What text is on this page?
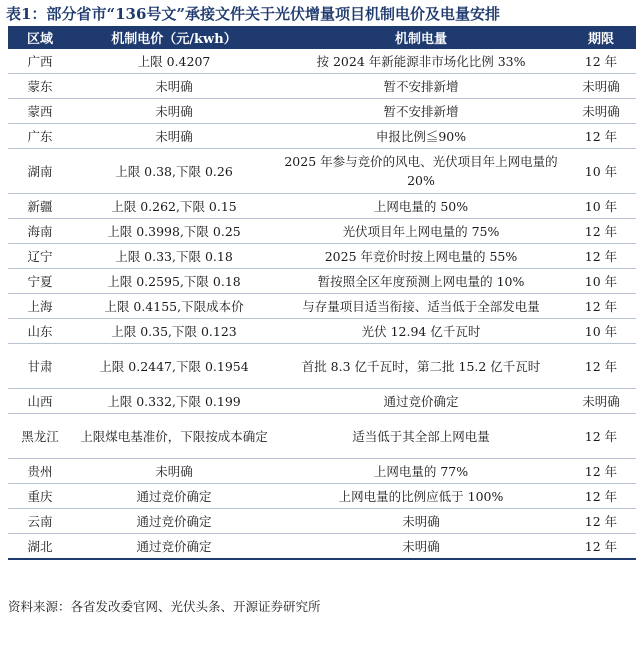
表1：部分省市“136号文”承接文件关于光伏增量项目机制电价及电量安排
区域	机制电价（元/kwh）	机制电量	期限
广西	上限 0.4207	按 2024 年新能源非市场化比例 33%	12 年
蒙东	未明确	暂不安排新增	未明确
蒙西	未明确	暂不安排新增	未明确
广东	未明确	申报比例≦90%	12 年
湖南	上限 0.38,下限 0.26	2025 年参与竞价的风电、光伏项目年上网电量的 20%	10 年
新疆	上限 0.262,下限 0.15	上网电量的 50%	10 年
海南	上限 0.3998,下限 0.25	光伏项目年上网电量的 75%	12 年
辽宁	上限 0.33,下限 0.18	2025 年竞价时按上网电量的 55%	12 年
宁夏	上限 0.2595,下限 0.18	暂按照全区年度预测上网电量的 10%	10 年
上海	上限 0.4155,下限成本价	与存量项目适当衔接、适当低于全部发电量	12 年
山东	上限 0.35,下限 0.123	光伏 12.94 亿千瓦时	10 年
甘肃	上限 0.2447,下限 0.1954	首批 8.3 亿千瓦时，第二批 15.2 亿千瓦时	12 年
山西	上限 0.332,下限 0.199	通过竞价确定	未明确
黑龙江	上限煤电基准价，下限按成本确定	适当低于其全部上网电量	12 年
贵州	未明确	上网电量的 77%	12 年
重庆	通过竞价确定	上网电量的比例应低于 100%	12 年
云南	通过竞价确定	未明确	12 年
湖北	通过竞价确定	未明确	12 年
资料来源：各省发改委官网、光伏头条、开源证券研究所
